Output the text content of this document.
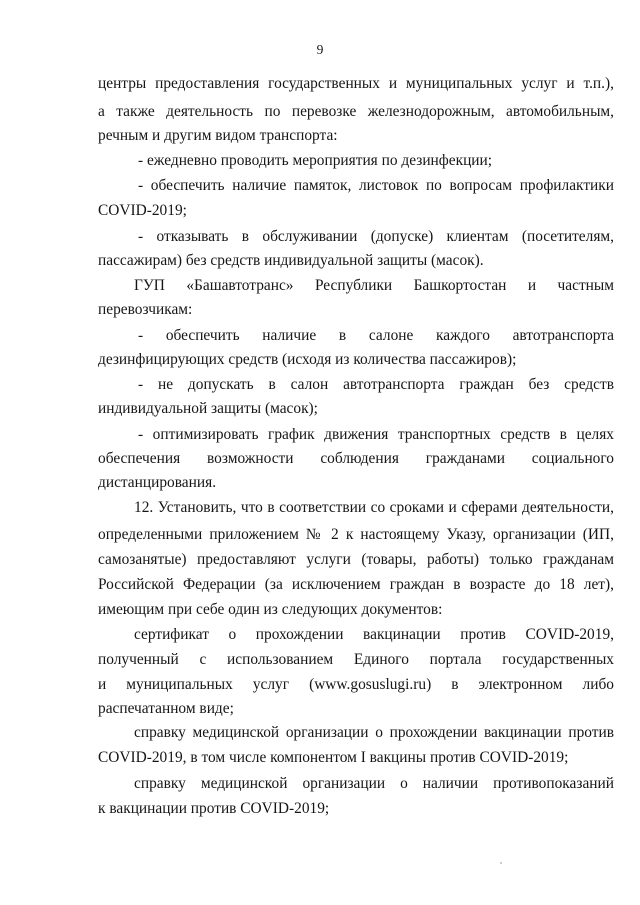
9
центры предоставления государственных и муниципальных услуг и т.п.),
а также деятельность по перевозке железнодорожным, автомобильным,
речным и другим видом транспорта:
- ежедневно проводить мероприятия по дезинфекции;
- обеспечить наличие памяток, листовок по вопросам профилактики
COVID-2019;
- отказывать в обслуживании (допуске) клиентам (посетителям,
пассажирам) без средств индивидуальной защиты (масок).
ГУП «Башавтотранс» Республики Башкортостан и частным
перевозчикам:
- обеспечить наличие в салоне каждого автотранспорта
дезинфицирующих средств (исходя из количества пассажиров);
- не допускать в салон автотранспорта граждан без средств
индивидуальной защиты (масок);
- оптимизировать график движения транспортных средств в целях
обеспечения возможности соблюдения гражданами социального
дистанцирования.
12. Установить, что в соответствии со сроками и сферами деятельности,
определенными приложением № 2 к настоящему Указу, организации (ИП,
самозанятые) предоставляют услуги (товары, работы) только гражданам
Российской Федерации (за исключением граждан в возрасте до 18 лет),
имеющим при себе один из следующих документов:
сертификат о прохождении вакцинации против COVID-2019,
полученный с использованием Единого портала государственных
и муниципальных услуг (www.gosuslugi.ru) в электронном либо
распечатанном виде;
справку медицинской организации о прохождении вакцинации против
COVID-2019, в том числе компонентом I вакцины против COVID-2019;
справку медицинской организации о наличии противопоказаний
к вакцинации против COVID-2019;
